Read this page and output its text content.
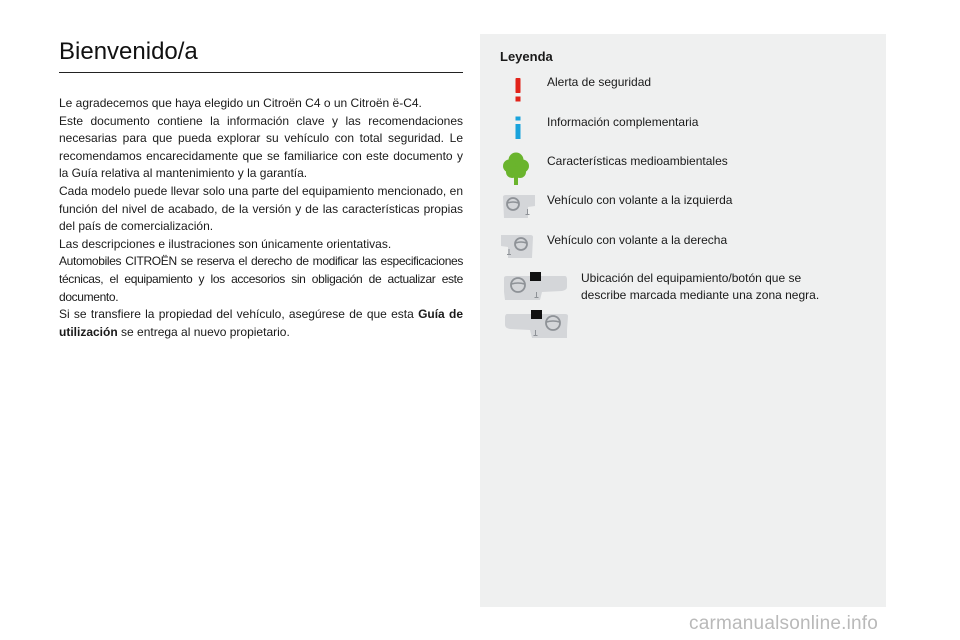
Bienvenido/a

Le agradecemos que haya elegido un Citroën C4 o un Citroën ë-C4.

Este documento contiene la información clave y las recomendaciones necesarias para que pueda explorar su vehículo con total seguridad. Le recomendamos encarecidamente que se familiarice con este documento y la Guía relativa al mantenimiento y la garantía.

Cada modelo puede llevar solo una parte del equipamiento mencionado, en función del nivel de acabado, de la versión y de las características propias del país de comercialización.

Las descripciones e ilustraciones son únicamente orientativas.

Automobiles CITROËN se reserva el derecho de modificar las especificaciones técnicas, el equipamiento y los accesorios sin obligación de actualizar este documento.

Si se transfiere la propiedad del vehículo, asegúrese de que esta Guía de utilización se entrega al nuevo propietario.

Leyenda
Alerta de seguridad
Información complementaria
Características medioambientales
Vehículo con volante a la izquierda
Vehículo con volante a la derecha
Ubicación del equipamiento/botón que se describe marcada mediante una zona negra.
carmanualsonline.info
